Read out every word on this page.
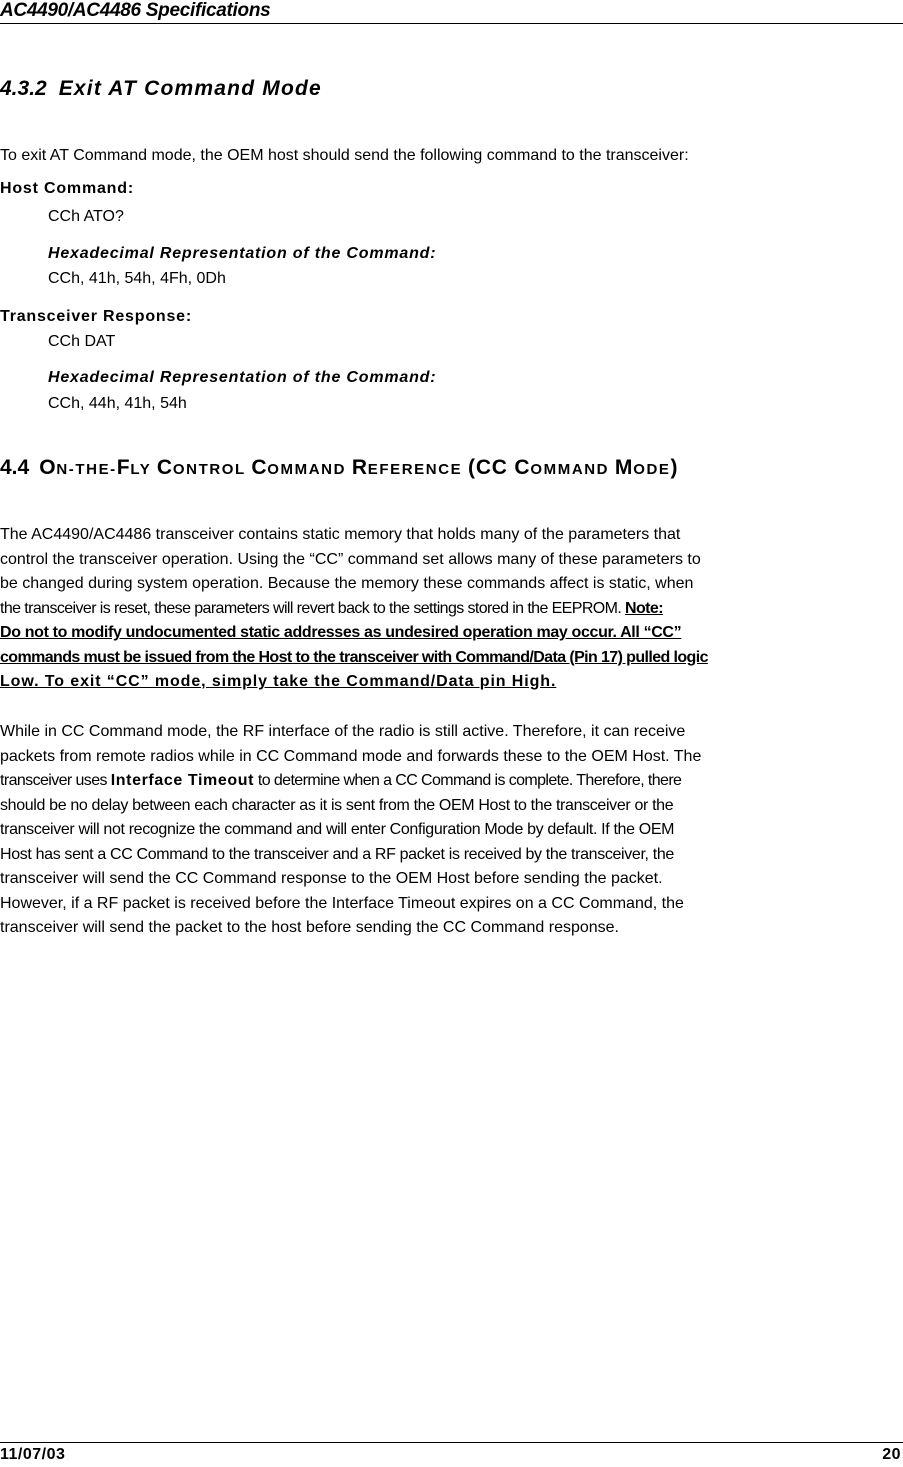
AC4490/AC4486 Specifications
4.3.2 Exit AT Command Mode
To exit AT Command mode, the OEM host should send the following command to the transceiver:
Host Command:
CCh ATO?
Hexadecimal Representation of the Command:
CCh, 41h, 54h, 4Fh, 0Dh
Transceiver Response:
CCh DAT
Hexadecimal Representation of the Command:
CCh, 44h, 41h, 54h
4.4 ON-THE-FLY CONTROL COMMAND REFERENCE (CC COMMAND MODE)
The AC4490/AC4486 transceiver contains static memory that holds many of the parameters that
control the transceiver operation. Using the “CC” command set allows many of these parameters to
be changed during system operation. Because the memory these commands affect is static, when
the transceiver is reset, these parameters will revert back to the settings stored in the EEPROM. Note:
Do not to modify undocumented static addresses as undesired operation may occur. All “CC”
commands must be issued from the Host to the transceiver with Command/Data (Pin 17) pulled logic
Low. To exit “CC” mode, simply take the Command/Data pin High.
While in CC Command mode, the RF interface of the radio is still active. Therefore, it can receive
packets from remote radios while in CC Command mode and forwards these to the OEM Host. The
transceiver uses Interface Timeout to determine when a CC Command is complete. Therefore, there
should be no delay between each character as it is sent from the OEM Host to the transceiver or the
transceiver will not recognize the command and will enter Configuration Mode by default. If the OEM
Host has sent a CC Command to the transceiver and a RF packet is received by the transceiver, the
transceiver will send the CC Command response to the OEM Host before sending the packet.
However, if a RF packet is received before the Interface Timeout expires on a CC Command, the
transceiver will send the packet to the host before sending the CC Command response.
11/07/03	20
